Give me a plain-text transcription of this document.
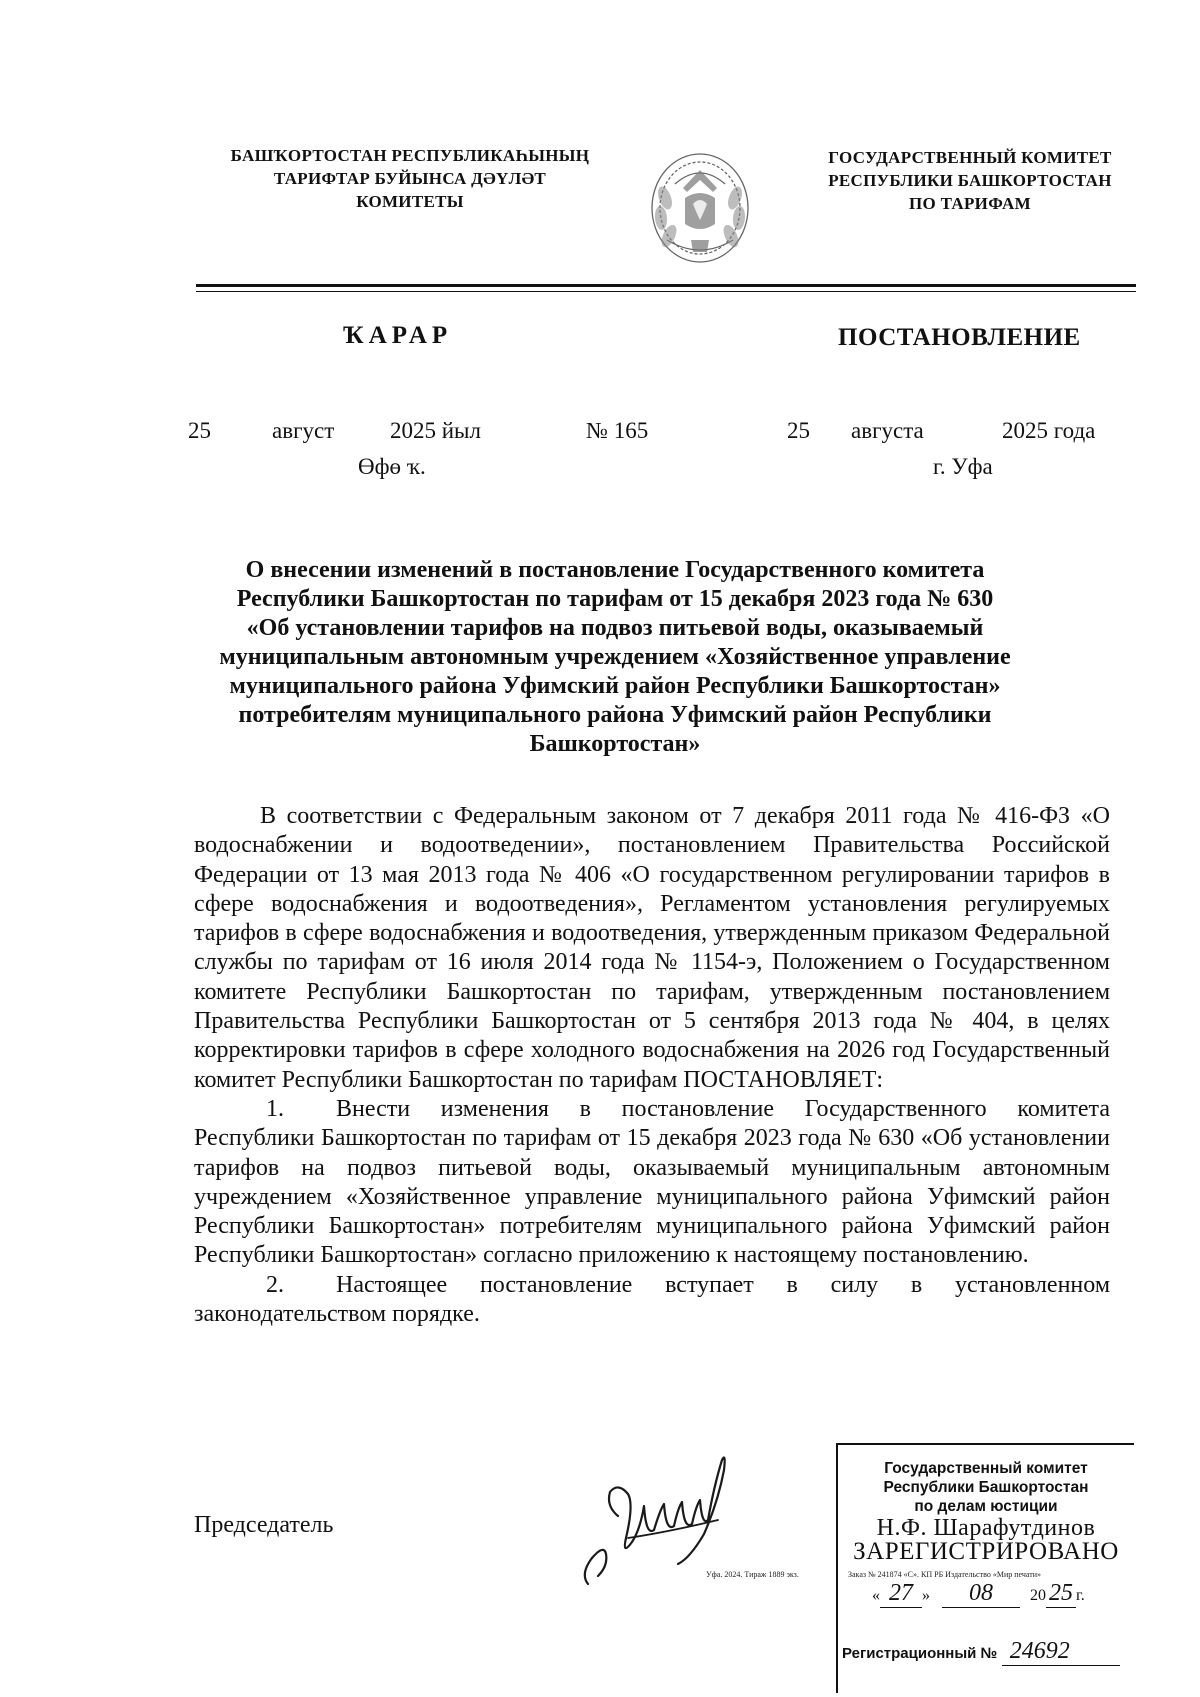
БАШҠОРТОСТАН РЕСПУБЛИКАҺЫНЫҢ
ТАРИФТАР БУЙЫНСА ДӘҮЛӘТ
КОМИТЕТЫ
ГОСУДАРСТВЕННЫЙ КОМИТЕТ
РЕСПУБЛИКИ БАШКОРТОСТАН
ПО ТАРИФАМ
ҠАРАР	ПОСТАНОВЛЕНИЕ
25	август 2025 йыл	№ 165	25 августа	2025 года
Өфө ҡ.	г. Уфа
О внесении изменений в постановление Государственного комитета
Республики Башкортостан по тарифам от 15 декабря 2023 года № 630
«Об установлении тарифов на подвоз питьевой воды, оказываемый
муниципальным автономным учреждением «Хозяйственное управление
муниципального района Уфимский район Республики Башкортостан»
потребителям муниципального района Уфимский район Республики
Башкортостан»

В соответствии с Федеральным законом от 7 декабря 2011 года № 416-ФЗ «О водоснабжении и водоотведении», постановлением Правительства Российской Федерации от 13 мая 2013 года № 406 «О государственном регулировании тарифов в сфере водоснабжения и водоотведения», Регламентом установления регулируемых тарифов в сфере водоснабжения и водоотведения, утвержденным приказом Федеральной службы по тарифам от 16 июля 2014 года № 1154-э, Положением о Государственном комитете Республики Башкортостан по тарифам, утвержденным постановлением Правительства Республики Башкортостан от 5 сентября 2013 года № 404, в целях корректировки тарифов в сфере холодного водоснабжения на 2026 год Государственный комитет Республики Башкортостан по тарифам ПОСТАНОВЛЯЕТ:

1. Внести изменения в постановление Государственного комитета Республики Башкортостан по тарифам от 15 декабря 2023 года № 630 «Об установлении тарифов на подвоз питьевой воды, оказываемый муниципальным автономным учреждением «Хозяйственное управление муниципального района Уфимский район Республики Башкортостан» потребителям муниципального района Уфимский район Республики Башкортостан» согласно приложению к настоящему постановлению.

2. Настоящее постановление вступает в силу в установленном законодательством порядке.

Председатель
Уфа. 2024. Тираж 1889 экз.	Заказ № 241874 «С». КП РБ Издательство «Мир печати»
Государственный комитет
Республики Башкортостан
по делам юстиции
Н.Ф. Шарафутдинов
ЗАРЕГИСТРИРОВАНО
« 27 » 08 20 25 г.
Регистрационный № 24692
